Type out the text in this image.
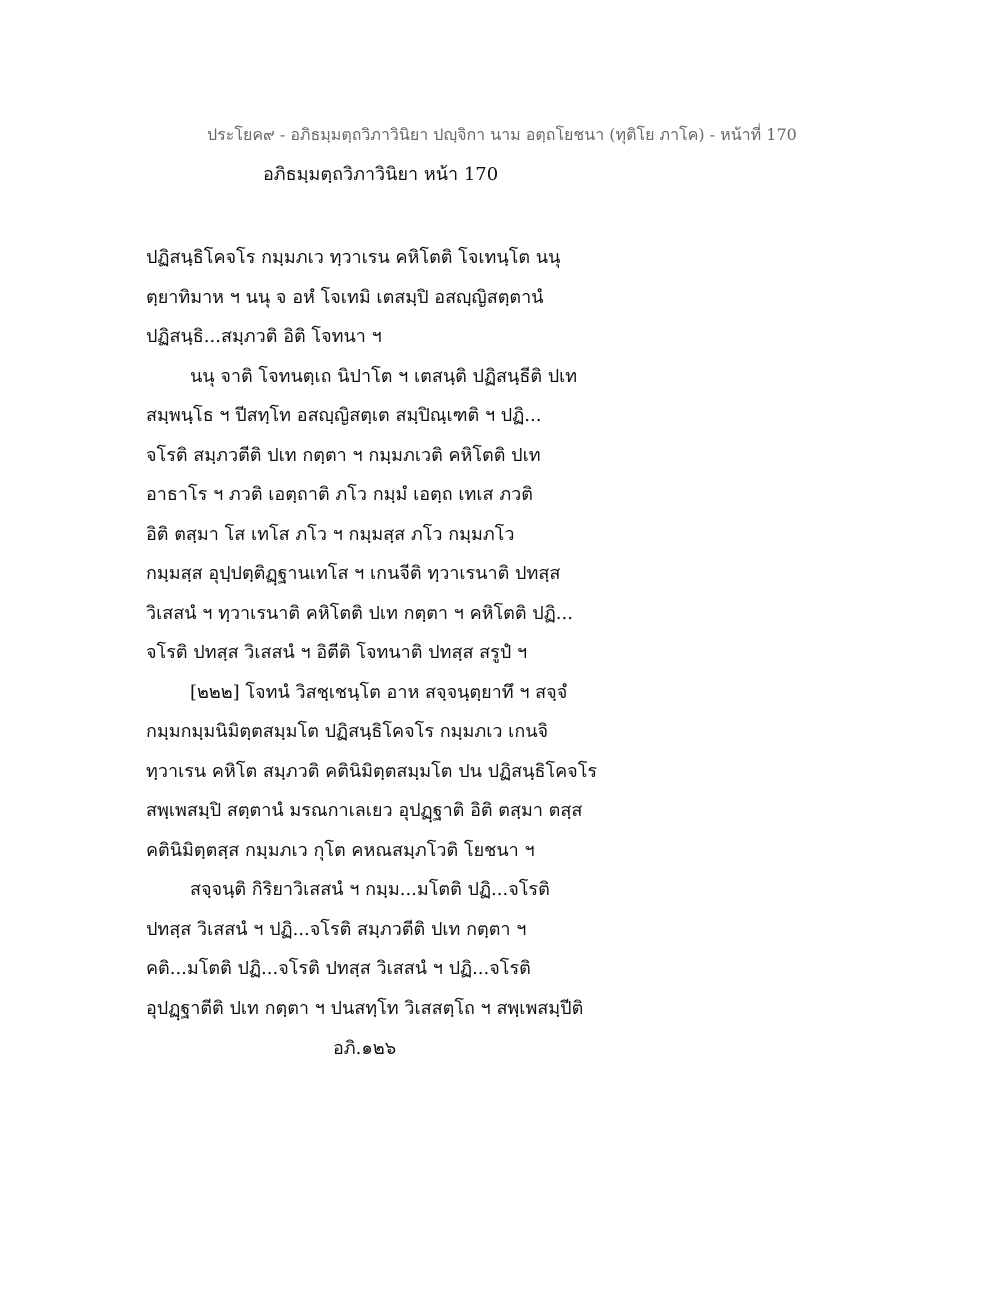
ประโยค๙ - อภิธมฺมตฺถวิภาวินิยา ปญฺจิกา นาม อตฺถโยชนา (ทุติโย ภาโค) - หน้าที่ 170
อภิธมฺมตฺถวิภาวินิยา หน้า 170
ปฏิสนฺธิโคจโร กมฺมภเว ทฺวาเรน คหิโตติ โจเทนฺโต นนุ
ตฺยาทิมาห ฯ นนุ จ อหํ โจเทมิ เตสมฺปิ อสญฺญิสตฺตานํ
ปฏิสนฺธิ...สมฺภวติ อิติ โจทนา ฯ
นนุ จาติ โจทนตฺเถ นิปาโต ฯ เตสนฺติ ปฏิสนฺธีติ ปเท
สมฺพนฺโธ ฯ ปีสทฺโท อสญฺญิสตฺเต สมฺปิณฺเฑติ ฯ ปฏิ...
จโรติ สมฺภวตีติ ปเท กตฺตา ฯ กมฺมภเวติ คหิโตติ ปเท
อาธาโร ฯ ภวติ เอตฺถาติ ภโว กมฺมํ เอตฺถ เทเส ภวติ
อิติ ตสฺมา โส เทโส ภโว ฯ กมฺมสฺส ภโว กมฺมภโว
กมฺมสฺส อุปฺปตฺติฏฺฐานเทโส ฯ เกนจีติ ทฺวาเรนาติ ปทสฺส
วิเสสนํ ฯ ทฺวาเรนาติ คหิโตติ ปเท กตฺตา ฯ คหิโตติ ปฏิ...
จโรติ ปทสฺส วิเสสนํ ฯ อิตีติ โจทนาติ ปทสฺส สรูปํ ฯ
[๒๒๒] โจทนํ วิสชฺเชนฺโต อาห สจฺจนฺตฺยาทึ ฯ สจฺจํ
กมฺมกมฺมนิมิตฺตสมฺมโต ปฏิสนฺธิโคจโร กมฺมภเว เกนจิ
ทฺวาเรน คหิโต สมฺภวติ คตินิมิตฺตสมฺมโต ปน ปฏิสนฺธิโคจโร
สพฺเพสมฺปิ สตฺตานํ มรณกาเลเยว อุปฏฺฐาติ อิติ ตสฺมา ตสฺส
คตินิมิตฺตสฺส กมฺมภเว กุโต คหณสมฺภโวติ โยชนา ฯ
สจฺจนฺติ กิริยาวิเสสนํ ฯ กมฺม...มโตติ ปฏิ...จโรติ
ปทสฺส วิเสสนํ ฯ ปฏิ...จโรติ สมฺภวตีติ ปเท กตฺตา ฯ
คติ...มโตติ ปฏิ...จโรติ ปทสฺส วิเสสนํ ฯ ปฏิ...จโรติ
อุปฏฺฐาตีติ ปเท กตฺตา ฯ ปนสทฺโท วิเสสตฺโถ ฯ สพฺเพสมฺปีติ
อภิ.๑๒๖
